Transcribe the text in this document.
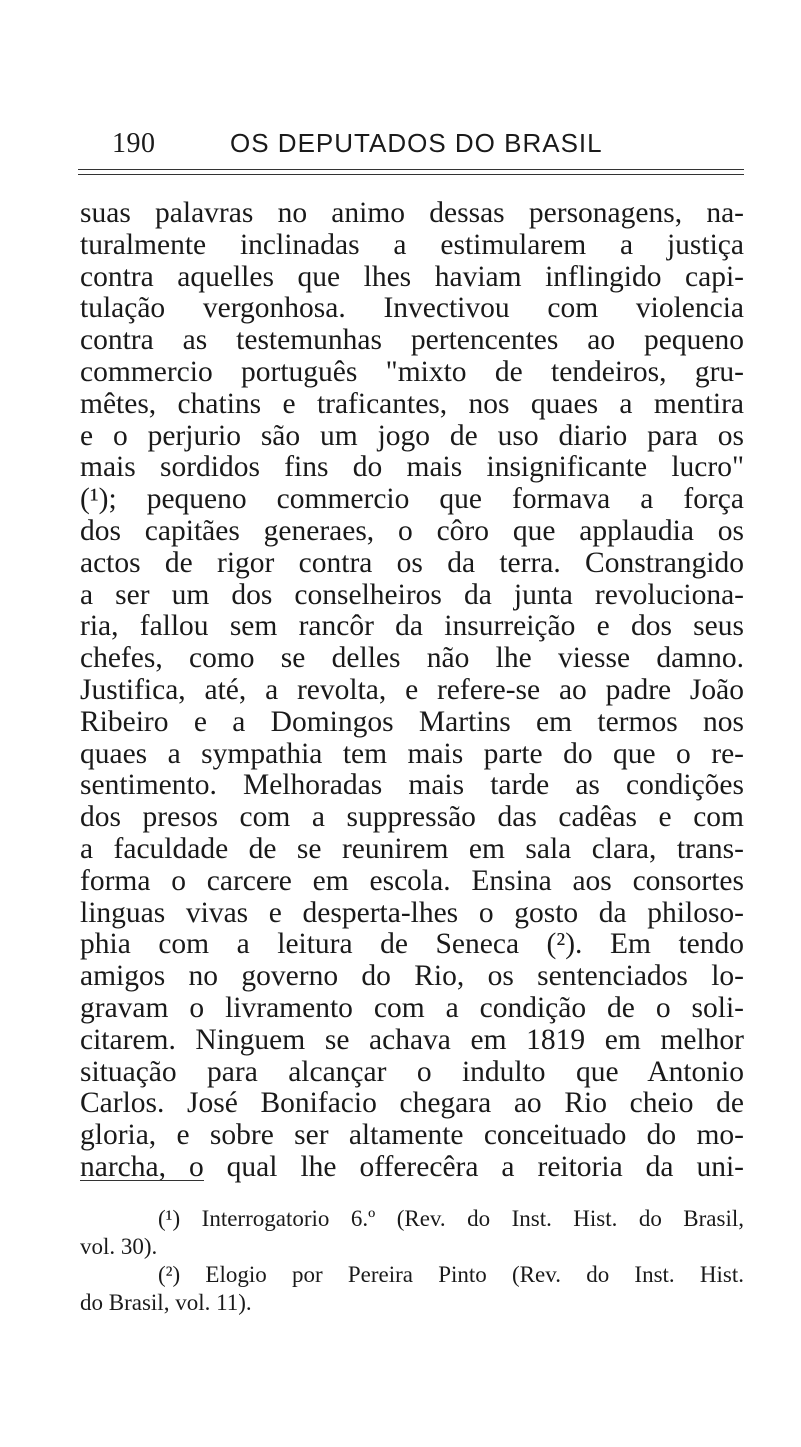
190	OS DEPUTADOS DO BRASIL
suas palavras no animo dessas personagens, na-
turalmente inclinadas a estimularem a justiça
contra aquelles que lhes haviam inflingido capi-
tulação vergonhosa. Invectivou com violencia
contra as testemunhas pertencentes ao pequeno
commercio português "mixto de tendeiros, gru-
mêtes, chatins e traficantes, nos quaes a mentira
e o perjurio são um jogo de uso diario para os
mais sordidos fins do mais insignificante lucro"
(¹); pequeno commercio que formava a força
dos capitães generaes, o côro que applaudia os
actos de rigor contra os da terra. Constrangido
a ser um dos conselheiros da junta revoluciona-
ria, fallou sem rancôr da insurreição e dos seus
chefes, como se delles não lhe viesse damno.
Justifica, até, a revolta, e refere-se ao padre João
Ribeiro e a Domingos Martins em termos nos
quaes a sympathia tem mais parte do que o re-
sentimento. Melhoradas mais tarde as condições
dos presos com a suppressão das cadêas e com
a faculdade de se reunirem em sala clara, trans-
forma o carcere em escola. Ensina aos consortes
linguas vivas e desperta-lhes o gosto da philoso-
phia com a leitura de Seneca (²). Em tendo
amigos no governo do Rio, os sentenciados lo-
gravam o livramento com a condição de o soli-
citarem. Ninguem se achava em 1819 em melhor
situação para alcançar o indulto que Antonio
Carlos. José Bonifacio chegara ao Rio cheio de
gloria, e sobre ser altamente conceituado do mo-
narcha, o qual lhe offerecêra a reitoria da uni-
(¹) Interrogatorio 6.º (Rev. do Inst. Hist. do Brasil,
vol. 30).
(²) Elogio por Pereira Pinto (Rev. do Inst. Hist.
do Brasil, vol. 11).
